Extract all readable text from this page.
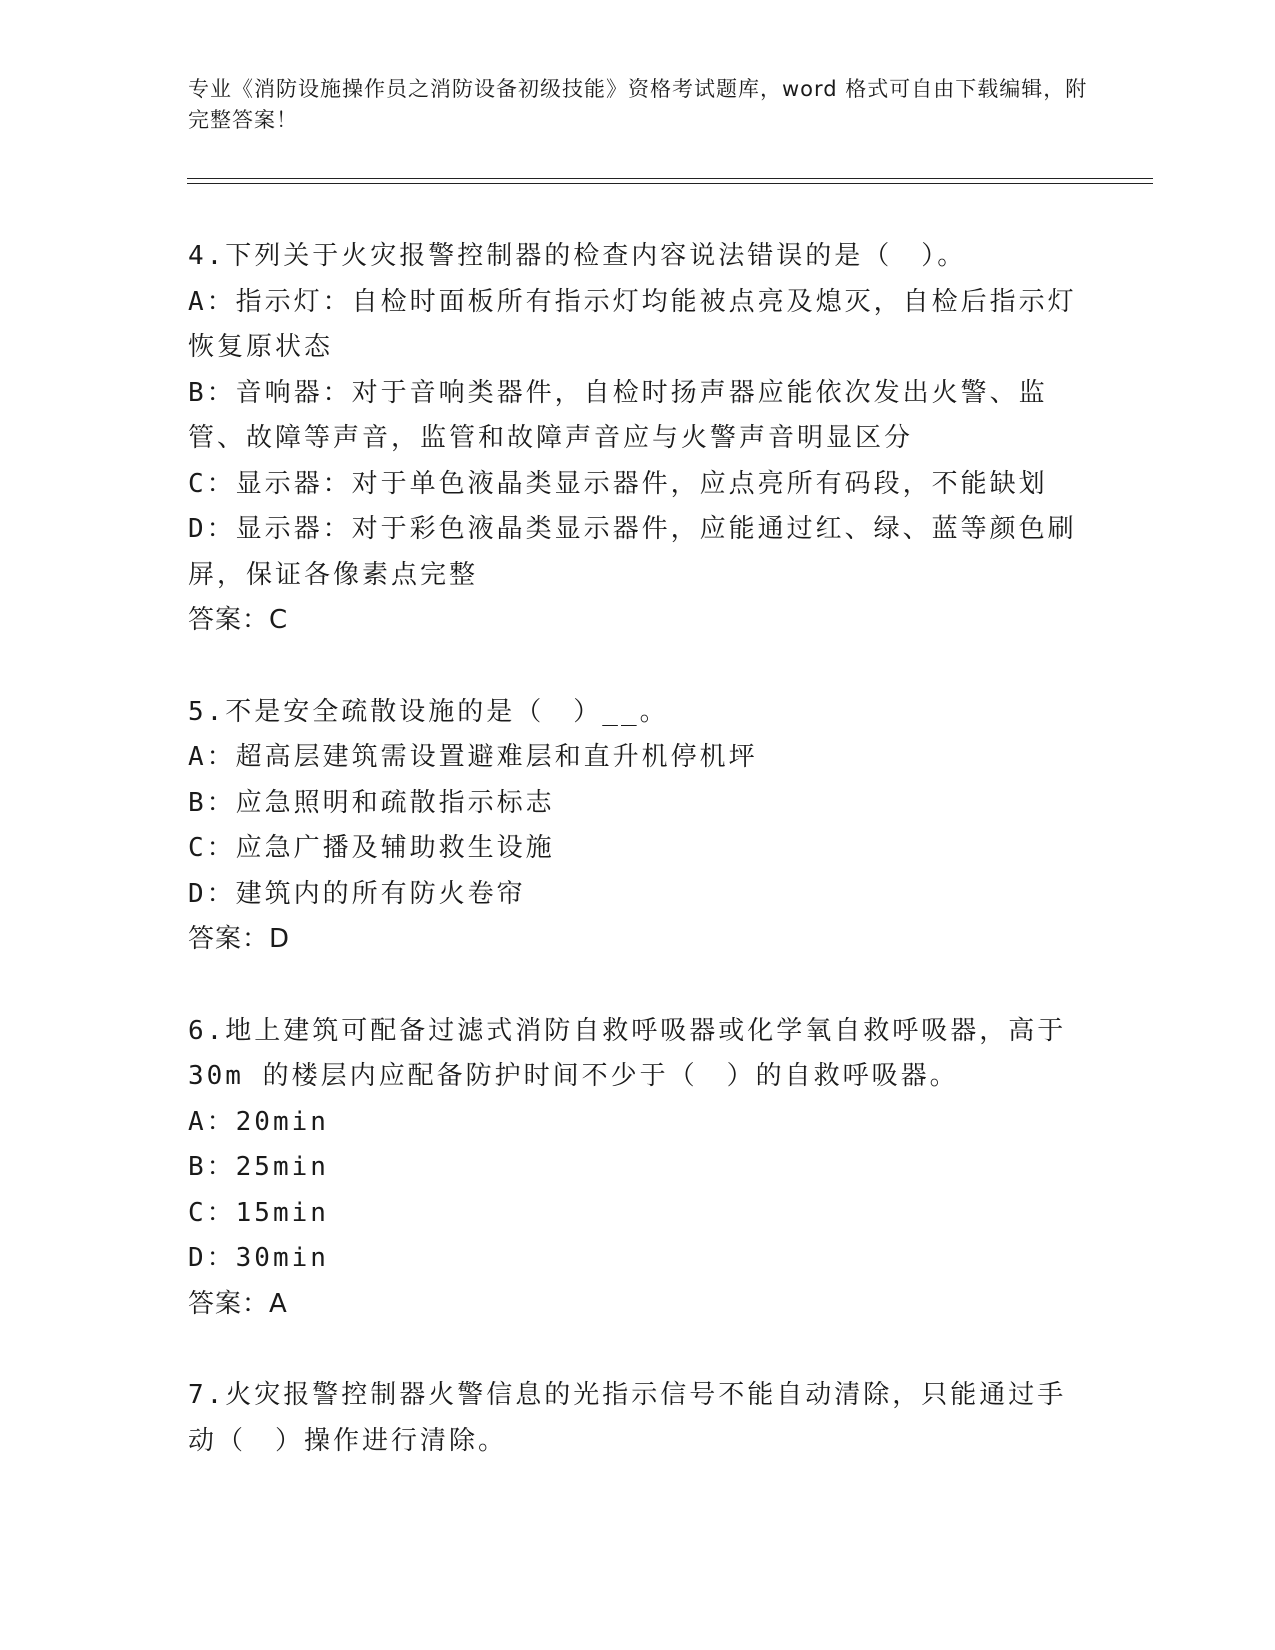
专业《消防设施操作员之消防设备初级技能》资格考试题库，word 格式可自由下载编辑，附完整答案！

4.下列关于火灾报警控制器的检查内容说法错误的是（　）。

A：指示灯：自检时面板所有指示灯均能被点亮及熄灭，自检后指示灯恢复原状态

B：音响器：对于音响类器件，自检时扬声器应能依次发出火警、监管、故障等声音，监管和故障声音应与火警声音明显区分

C：显示器：对于单色液晶类显示器件，应点亮所有码段，不能缺划

D：显示器：对于彩色液晶类显示器件，应能通过红、绿、蓝等颜色刷屏，保证各像素点完整

答案：C

5.不是安全疏散设施的是（　）__。

A：超高层建筑需设置避难层和直升机停机坪

B：应急照明和疏散指示标志

C：应急广播及辅助救生设施

D：建筑内的所有防火卷帘

答案：D

6.地上建筑可配备过滤式消防自救呼吸器或化学氧自救呼吸器，高于30m 的楼层内应配备防护时间不少于（　）的自救呼吸器。

A：20min

B：25min

C：15min

D：30min

答案：A

7.火灾报警控制器火警信息的光指示信号不能自动清除，只能通过手动（　）操作进行清除。
